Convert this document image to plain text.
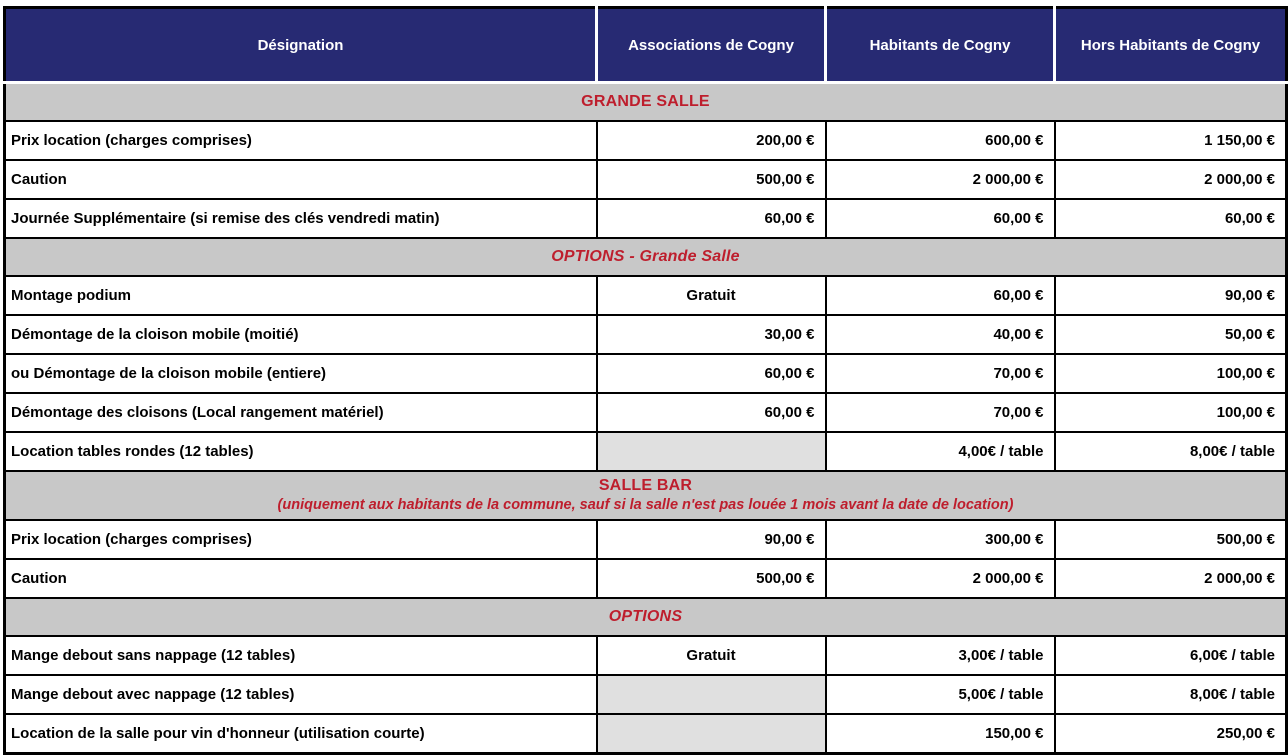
Désignation	Associations de Cogny	Habitants de Cogny	Hors Habitants de Cogny

GRANDE SALLE			

Prix location (charges comprises)	200,00 €	600,00 €	1 150,00 €
Caution	500,00 €	2 000,00 €	2 000,00 €
Journée Supplémentaire (si remise des clés vendredi matin)	60,00 €	60,00 €	60,00 €

OPTIONS - Grande Salle			

Montage podium	Gratuit	60,00 €	90,00 €
Démontage de la cloison mobile (moitié)	30,00 €	40,00 €	50,00 €
ou Démontage de la cloison mobile (entiere)	60,00 €	70,00 €	100,00 €
Démontage des cloisons (Local rangement matériel)	60,00 €	70,00 €	100,00 €
Location tables rondes (12 tables)		4,00€ / table	8,00€ / table

SALLE BAR
(uniquement aux habitants de la commune, sauf si la salle n'est pas louée 1 mois avant la date de location)			

Prix location (charges comprises)	90,00 €	300,00 €	500,00 €
Caution	500,00 €	2 000,00 €	2 000,00 €

OPTIONS			

Mange debout sans nappage (12 tables)	Gratuit	3,00€ / table	6,00€ / table
Mange debout avec nappage (12 tables)		5,00€ / table	8,00€ / table
Location de la salle pour vin d'honneur (utilisation courte)		150,00 €	250,00 €
